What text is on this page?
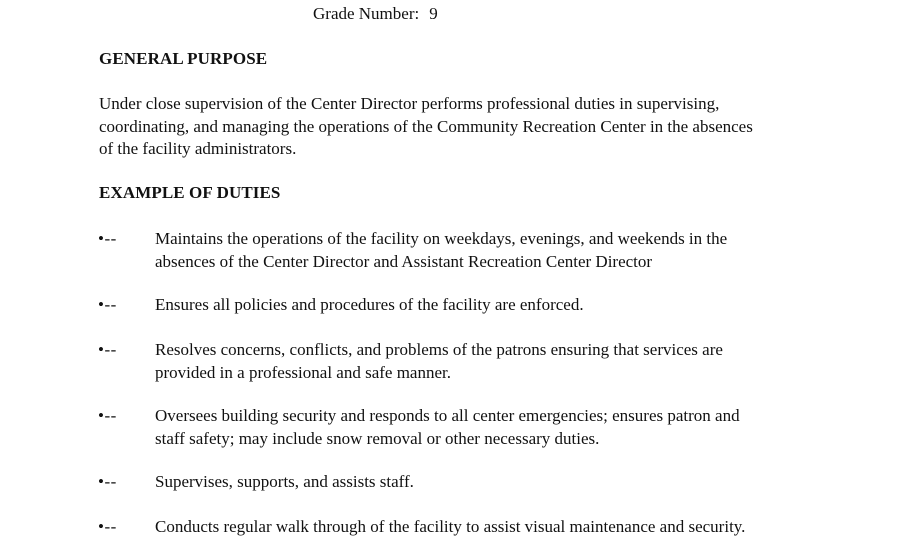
Grade Number: 9
GENERAL PURPOSE
Under close supervision of the Center Director performs professional duties in supervising,
coordinating, and managing the operations of the Community Recreation Center in the absences
of the facility administrators.
EXAMPLE OF DUTIES
•-- Maintains the operations of the facility on weekdays, evenings, and weekends in the
absences of the Center Director and Assistant Recreation Center Director
•-- Ensures all policies and procedures of the facility are enforced.
•-- Resolves concerns, conflicts, and problems of the patrons ensuring that services are
provided in a professional and safe manner.
•-- Oversees building security and responds to all center emergencies; ensures patron and
staff safety; may include snow removal or other necessary duties.
•-- Supervises, supports, and assists staff.
•-- Conducts regular walk through of the facility to assist visual maintenance and security.
